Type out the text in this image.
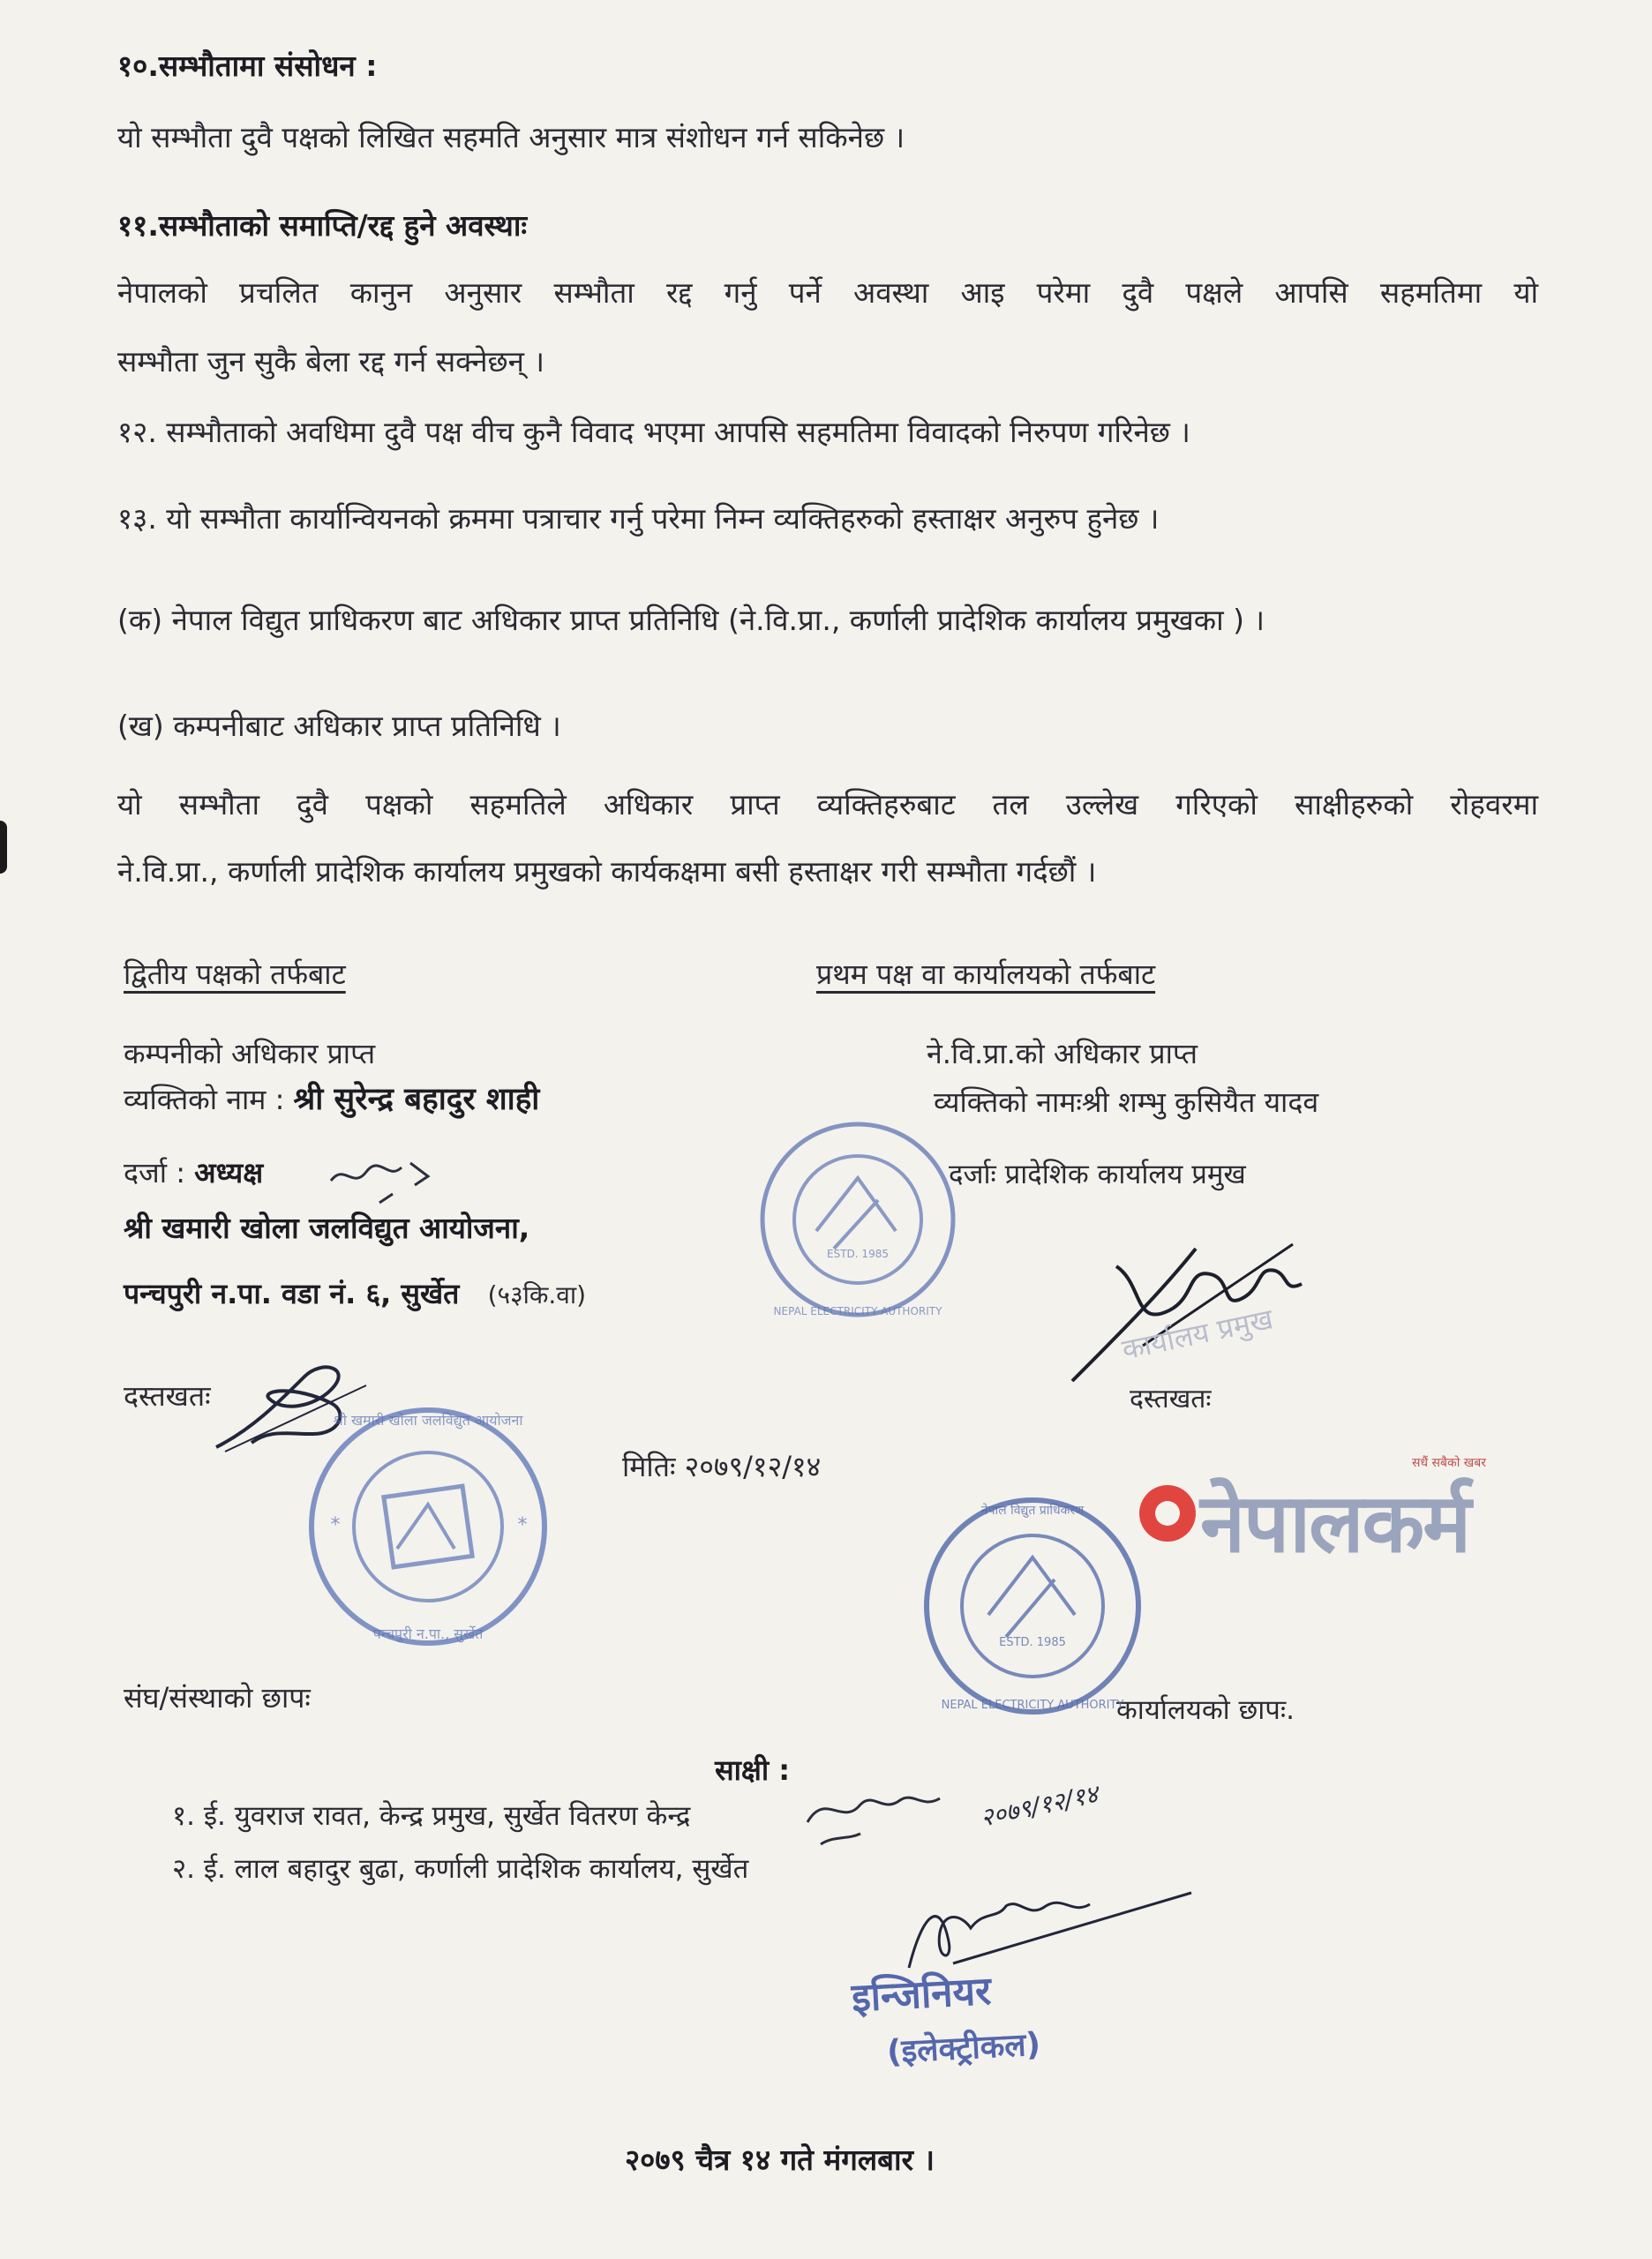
१०.सम्भौतामा संसोधन :
यो सम्भौता दुवै पक्षको लिखित सहमति अनुसार मात्र संशोधन गर्न सकिनेछ ।
११.सम्भौताको समाप्ति/रद्द हुने अवस्थाः
नेपालको प्रचलित कानुन अनुसार सम्भौता रद्द गर्नु पर्ने अवस्था आइ परेमा दुवै पक्षले आपसि सहमतिमा यो
सम्भौता जुन सुकै बेला रद्द गर्न सक्नेछन् ।
१२. सम्भौताको अवधिमा दुवै पक्ष वीच कुनै विवाद भएमा आपसि सहमतिमा विवादको निरुपण गरिनेछ ।
१३. यो सम्भौता कार्यान्वियनको क्रममा पत्राचार गर्नु परेमा निम्न व्यक्तिहरुको हस्ताक्षर अनुरुप हुनेछ ।
(क) नेपाल विद्युत प्राधिकरण बाट अधिकार प्राप्त प्रतिनिधि (ने.वि.प्रा., कर्णाली प्रादेशिक कार्यालय प्रमुखका ) ।
(ख) कम्पनीबाट अधिकार प्राप्त प्रतिनिधि ।
यो सम्भौता दुवै पक्षको सहमतिले अधिकार प्राप्त व्यक्तिहरुबाट तल उल्लेख गरिएको साक्षीहरुको रोहवरमा
ने.वि.प्रा., कर्णाली प्रादेशिक कार्यालय प्रमुखको कार्यकक्षमा बसी हस्ताक्षर गरी सम्भौता गर्दछौं ।
द्वितीय पक्षको तर्फबाट	प्रथम पक्ष वा कार्यालयको तर्फबाट
कम्पनीको अधिकार प्राप्त
व्यक्तिको नाम : श्री सुरेन्द्र बहादुर शाही
दर्जा : अध्यक्ष
श्री खमारी खोला जलविद्युत आयोजना,
पन्चपुरी न.पा. वडा नं. ६, सुर्खेत (५३कि.वा)
दस्तखतः
संघ/संस्थाको छापः
ने.वि.प्रा.को अधिकार प्राप्त
व्यक्तिको नामःश्री शम्भु कुसियैत यादव
दर्जाः प्रादेशिक कार्यालय प्रमुख
दस्तखतः
कार्यालयको छापः.
मितिः २०७९/१२/१४
साक्षी :
१. ई. युवराज रावत, केन्द्र प्रमुख, सुर्खेत वितरण केन्द्र
२. ई. लाल बहादुर बुढा, कर्णाली प्रादेशिक कार्यालय, सुर्खेत
२०७९ चैत्र १४ गते मंगलबार ।
श्री खमारी खोला जलविद्युत आयोजना
पन्चपुरी न.पा., सुर्खेत
*	*
ESTD. 1985
NEPAL ELECTRICITY AUTHORITY	कार्यालय प्रमुख
ESTD. 1985
नेपाल विद्युत प्राधिकरण
NEPAL ELECTRICITY AUTHORITY
२०७९/१२/१४
इन्जिनियर
(इलेक्ट्रीकल)
नेपालकर्म
सधैं सबैको खबर
